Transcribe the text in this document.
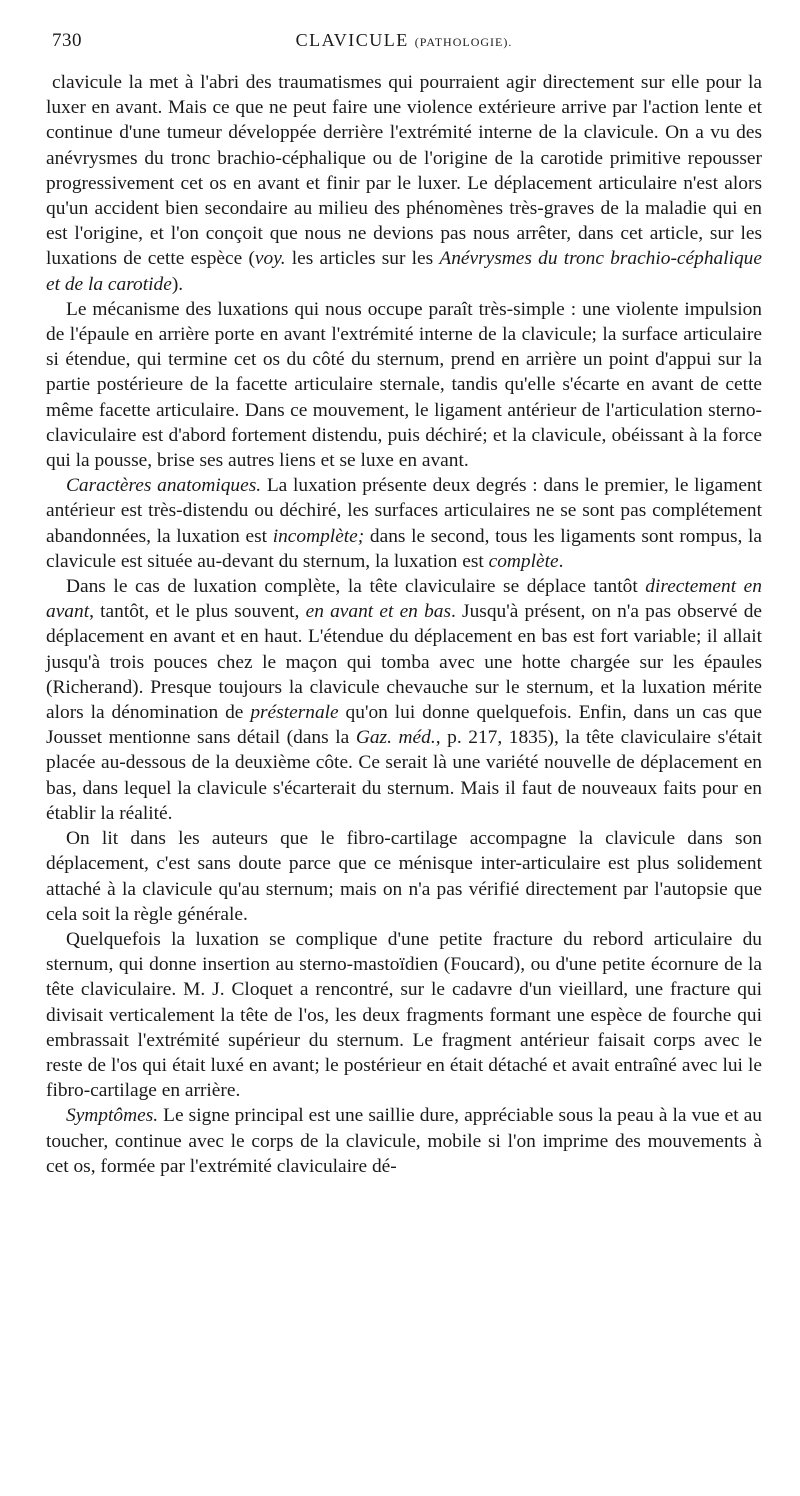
730	CLAVICULE (PATHOLOGIE).

clavicule la met à l'abri des traumatismes qui pourraient agir directement sur elle pour la luxer en avant. Mais ce que ne peut faire une violence extérieure arrive par l'action lente et continue d'une tumeur développée derrière l'extrémité interne de la clavicule. On a vu des anévrysmes du tronc brachio-céphalique ou de l'origine de la carotide primitive repousser progressivement cet os en avant et finir par le luxer. Le déplacement articulaire n'est alors qu'un accident bien secondaire au milieu des phénomènes très-graves de la maladie qui en est l'origine, et l'on conçoit que nous ne devions pas nous arrêter, dans cet article, sur les luxations de cette espèce (voy. les articles sur les Anévrysmes du tronc brachio-céphalique et de la carotide).

Le mécanisme des luxations qui nous occupe paraît très-simple : une violente impulsion de l'épaule en arrière porte en avant l'extrémité interne de la clavicule; la surface articulaire si étendue, qui termine cet os du côté du sternum, prend en arrière un point d'appui sur la partie postérieure de la facette articulaire sternale, tandis qu'elle s'écarte en avant de cette même facette articulaire. Dans ce mouvement, le ligament antérieur de l'articulation sterno-claviculaire est d'abord fortement distendu, puis déchiré; et la clavicule, obéissant à la force qui la pousse, brise ses autres liens et se luxe en avant.

Caractères anatomiques. La luxation présente deux degrés : dans le premier, le ligament antérieur est très-distendu ou déchiré, les surfaces articulaires ne se sont pas complétement abandonnées, la luxation est incomplète; dans le second, tous les ligaments sont rompus, la clavicule est située au-devant du sternum, la luxation est complète.

Dans le cas de luxation complète, la tête claviculaire se déplace tantôt directement en avant, tantôt, et le plus souvent, en avant et en bas. Jusqu'à présent, on n'a pas observé de déplacement en avant et en haut. L'étendue du déplacement en bas est fort variable; il allait jusqu'à trois pouces chez le maçon qui tomba avec une hotte chargée sur les épaules (Richerand). Presque toujours la clavicule chevauche sur le sternum, et la luxation mérite alors la dénomination de présternale qu'on lui donne quelquefois. Enfin, dans un cas que Jousset mentionne sans détail (dans la Gaz. méd., p. 217, 1835), la tête claviculaire s'était placée au-dessous de la deuxième côte. Ce serait là une variété nouvelle de déplacement en bas, dans lequel la clavicule s'écarterait du sternum. Mais il faut de nouveaux faits pour en établir la réalité.

On lit dans les auteurs que le fibro-cartilage accompagne la clavicule dans son déplacement, c'est sans doute parce que ce ménisque inter-articulaire est plus solidement attaché à la clavicule qu'au sternum; mais on n'a pas vérifié directement par l'autopsie que cela soit la règle générale.

Quelquefois la luxation se complique d'une petite fracture du rebord articulaire du sternum, qui donne insertion au sterno-mastoïdien (Foucard), ou d'une petite écornure de la tête claviculaire. M. J. Cloquet a rencontré, sur le cadavre d'un vieillard, une fracture qui divisait verticalement la tête de l'os, les deux fragments formant une espèce de fourche qui embrassait l'extrémité supérieur du sternum. Le fragment antérieur faisait corps avec le reste de l'os qui était luxé en avant; le postérieur en était détaché et avait entraîné avec lui le fibro-cartilage en arrière.

Symptômes. Le signe principal est une saillie dure, appréciable sous la peau à la vue et au toucher, continue avec le corps de la clavicule, mobile si l'on imprime des mouvements à cet os, formée par l'extrémité claviculaire dé-
